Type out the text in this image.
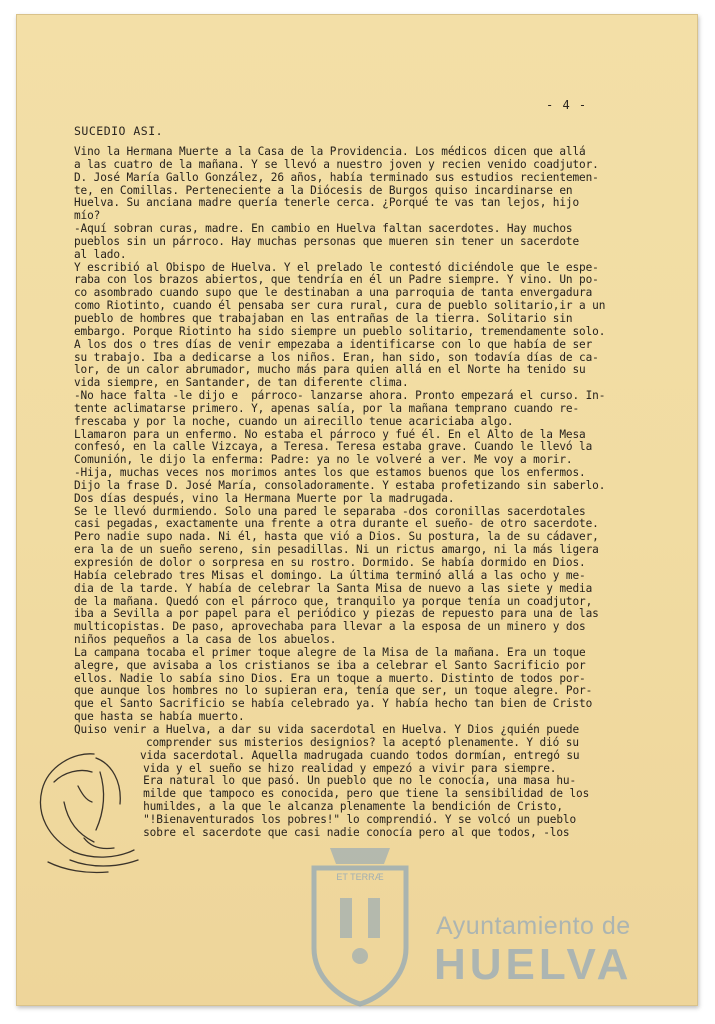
- 4 -
SUCEDIO ASI.
Vino la Hermana Muerte a la Casa de la Providencia. Los médicos dicen que allá
a las cuatro de la mañana. Y se llevó a nuestro joven y recien venido coadjutor.
D. José María Gallo González, 26 años, había terminado sus estudios recientemen-
te, en Comillas. Perteneciente a la Diócesis de Burgos quiso incardinarse en
Huelva. Su anciana madre quería tenerle cerca. ¿Porqué te vas tan lejos, hijo
mío?
-Aquí sobran curas, madre. En cambio en Huelva faltan sacerdotes. Hay muchos
pueblos sin un párroco. Hay muchas personas que mueren sin tener un sacerdote
al lado.
Y escribió al Obispo de Huelva. Y el prelado le contestó diciéndole que le espe-
raba con los brazos abiertos, que tendría en él un Padre siempre. Y vino. Un po-
co asombrado cuando supo que le destinaban a una parroquia de tanta envergadura
como Riotinto, cuando él pensaba ser cura rural, cura de pueblo solitario,ir a un
pueblo de hombres que trabajaban en las entrañas de la tierra. Solitario sin
embargo. Porque Riotinto ha sido siempre un pueblo solitario, tremendamente solo.
A los dos o tres días de venir empezaba a identificarse con lo que había de ser
su trabajo. Iba a dedicarse a los niños. Eran, han sido, son todavía días de ca-
lor, de un calor abrumador, mucho más para quien allá en el Norte ha tenido su
vida siempre, en Santander, de tan diferente clima.
-No hace falta -le dijo e  párroco- lanzarse ahora. Pronto empezará el curso. In-
tente aclimatarse primero. Y, apenas salía, por la mañana temprano cuando re-
frescaba y por la noche, cuando un airecillo tenue acariciaba algo.
Llamaron para un enfermo. No estaba el párroco y fué él. En el Alto de la Mesa
confesó, en la calle Vizcaya, a Teresa. Teresa estaba grave. Cuando le llevó la
Comunión, le dijo la enferma: Padre: ya no le volveré a ver. Me voy a morir.
-Hija, muchas veces nos morimos antes los que estamos buenos que los enfermos.
Dijo la frase D. José María, consoladoramente. Y estaba profetizando sin saberlo.
Dos días después, vino la Hermana Muerte por la madrugada.
Se le llevó durmiendo. Solo una pared le separaba -dos coronillas sacerdotales
casi pegadas, exactamente una frente a otra durante el sueño- de otro sacerdote.
Pero nadie supo nada. Ni él, hasta que vió a Dios. Su postura, la de su cádaver,
era la de un sueño sereno, sin pesadillas. Ni un rictus amargo, ni la más ligera
expresión de dolor o sorpresa en su rostro. Dormido. Se había dormido en Dios.
Había celebrado tres Misas el domingo. La última terminó allá a las ocho y me-
dia de la tarde. Y había de celebrar la Santa Misa de nuevo a las siete y media
de la mañana. Quedó con el párroco que, tranquilo ya porque tenía un coadjutor,
iba a Sevilla a por papel para el periódico y piezas de repuesto para una de las
multicopistas. De paso, aprovechaba para llevar a la esposa de un minero y dos
niños pequeños a la casa de los abuelos.
La campana tocaba el primer toque alegre de la Misa de la mañana. Era un toque
alegre, que avisaba a los cristianos se iba a celebrar el Santo Sacrificio por
ellos. Nadie lo sabía sino Dios. Era un toque a muerto. Distinto de todos por-
que aunque los hombres no lo supieran era, tenía que ser, un toque alegre. Por-
que el Santo Sacrificio se había celebrado ya. Y había hecho tan bien de Cristo
que hasta se había muerto.
Quiso venir a Huelva, a dar su vida sacerdotal en Huelva. Y Dios ¿quién puede
comprender sus misterios designios? la aceptó plenamente. Y dió su
vida sacerdotal. Aquella madrugada cuando todos dormían, entregó su
vida y el sueño se hizo realidad y empezó a vivir para siempre.
Era natural lo que pasó. Un pueblo que no le conocía, una masa hu-
milde que tampoco es conocida, pero que tiene la sensibilidad de los
humildes, a la que le alcanza plenamente la bendición de Cristo,
"!Bienaventurados los pobres!" lo comprendió. Y se volcó un pueblo
sobre el sacerdote que casi nadie conocía pero al que todos, -los
ET TERRÆ
Ayuntamiento de
HUELVA
